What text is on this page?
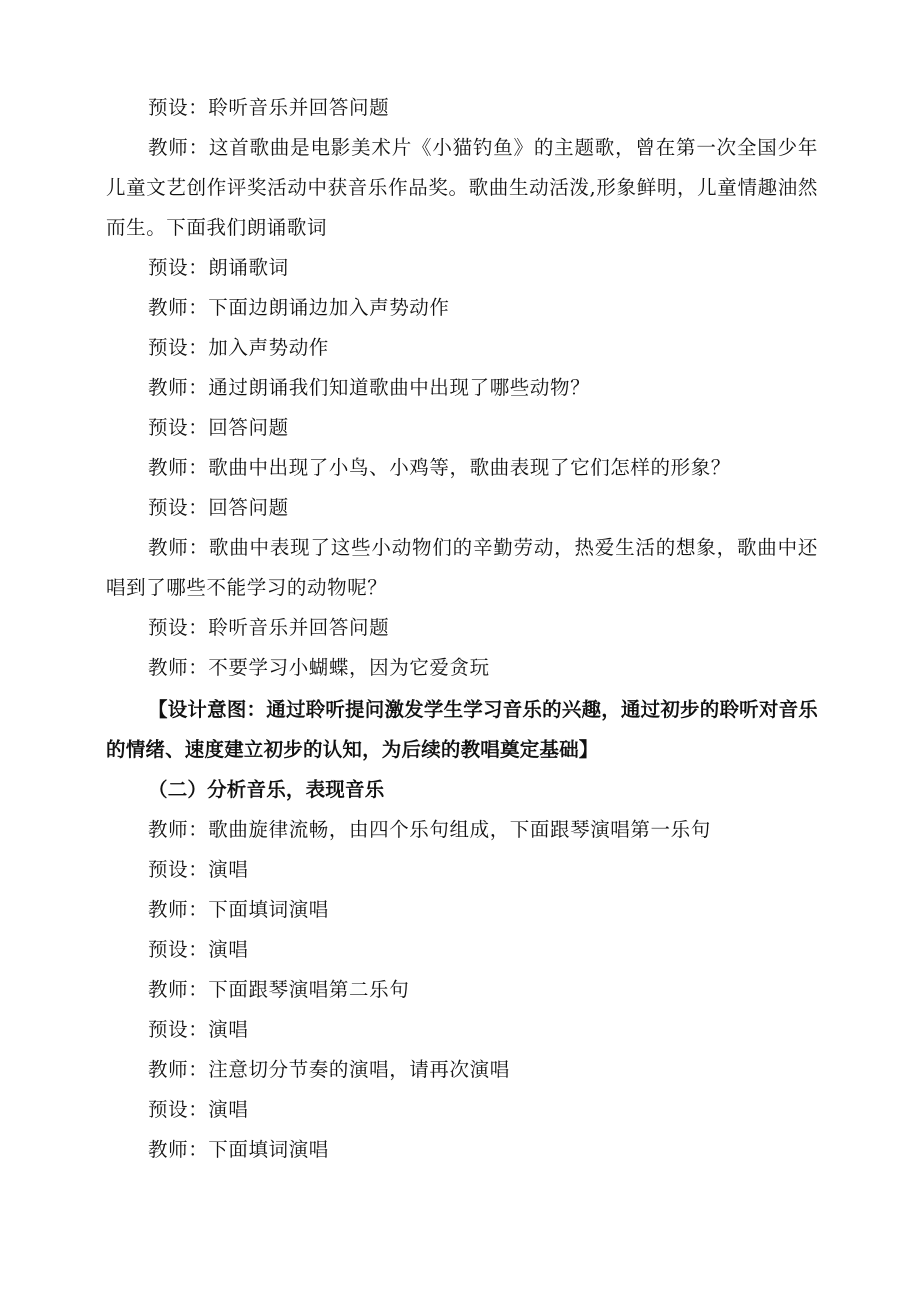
预设：聆听音乐并回答问题

教师：这首歌曲是电影美术片《小猫钓鱼》的主题歌，曾在第一次全国少年儿童文艺创作评奖活动中获音乐作品奖。歌曲生动活泼,形象鲜明，儿童情趣油然而生。下面我们朗诵歌词

预设：朗诵歌词

教师：下面边朗诵边加入声势动作

预设：加入声势动作

教师：通过朗诵我们知道歌曲中出现了哪些动物？

预设：回答问题

教师：歌曲中出现了小鸟、小鸡等，歌曲表现了它们怎样的形象？

预设：回答问题

教师：歌曲中表现了这些小动物们的辛勤劳动，热爱生活的想象，歌曲中还唱到了哪些不能学习的动物呢？

预设：聆听音乐并回答问题

教师：不要学习小蝴蝶，因为它爱贪玩

【设计意图：通过聆听提问激发学生学习音乐的兴趣，通过初步的聆听对音乐的情绪、速度建立初步的认知，为后续的教唱奠定基础】

（二）分析音乐，表现音乐

教师：歌曲旋律流畅，由四个乐句组成，下面跟琴演唱第一乐句

预设：演唱

教师：下面填词演唱

预设：演唱

教师：下面跟琴演唱第二乐句

预设：演唱

教师：注意切分节奏的演唱，请再次演唱

预设：演唱

教师：下面填词演唱
